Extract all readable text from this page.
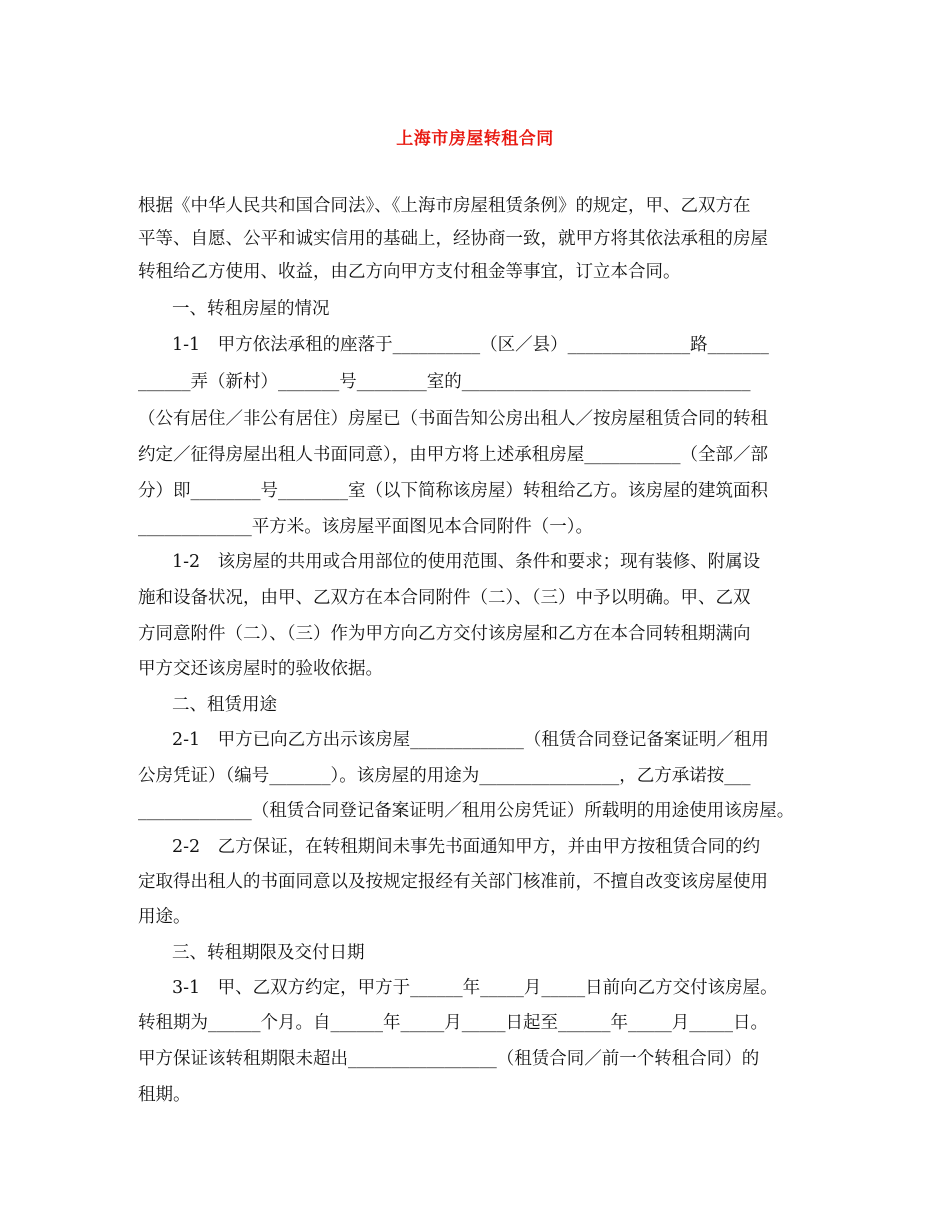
上海市房屋转租合同
根据《中华人民共和国合同法》、《上海市房屋租赁条例》的规定，甲、乙双方在
平等、自愿、公平和诚实信用的基础上，经协商一致，就甲方将其依法承租的房屋
转租给乙方使用、收益，由乙方向甲方支付租金等事宜，订立本合同。
一、转租房屋的情况
1-1　甲方依法承租的座落于__________（区／县）______________路_______
______弄（新村）_______号________室的_________________________________
（公有居住／非公有居住）房屋已（书面告知公房出租人／按房屋租赁合同的转租
约定／征得房屋出租人书面同意），由甲方将上述承租房屋___________（全部／部
分）即________号________室（以下简称该房屋）转租给乙方。该房屋的建筑面积
_____________平方米。该房屋平面图见本合同附件（一）。
1-2　该房屋的共用或合用部位的使用范围、条件和要求；现有装修、附属设
施和设备状况，由甲、乙双方在本合同附件（二）、（三）中予以明确。甲、乙双
方同意附件（二）、（三）作为甲方向乙方交付该房屋和乙方在本合同转租期满向
甲方交还该房屋时的验收依据。
二、租赁用途
2-1　甲方已向乙方出示该房屋_____________（租赁合同登记备案证明／租用
公房凭证）（编号_______）。该房屋的用途为________________，乙方承诺按___
_____________（租赁合同登记备案证明／租用公房凭证）所载明的用途使用该房屋。
2-2　乙方保证，在转租期间未事先书面通知甲方，并由甲方按租赁合同的约
定取得出租人的书面同意以及按规定报经有关部门核准前，不擅自改变该房屋使用
用途。
三、转租期限及交付日期
3-1　甲、乙双方约定，甲方于______年_____月_____日前向乙方交付该房屋。
转租期为______个月。自______年_____月_____日起至______年_____月_____日。
甲方保证该转租期限未超出_________________（租赁合同／前一个转租合同）的
租期。
